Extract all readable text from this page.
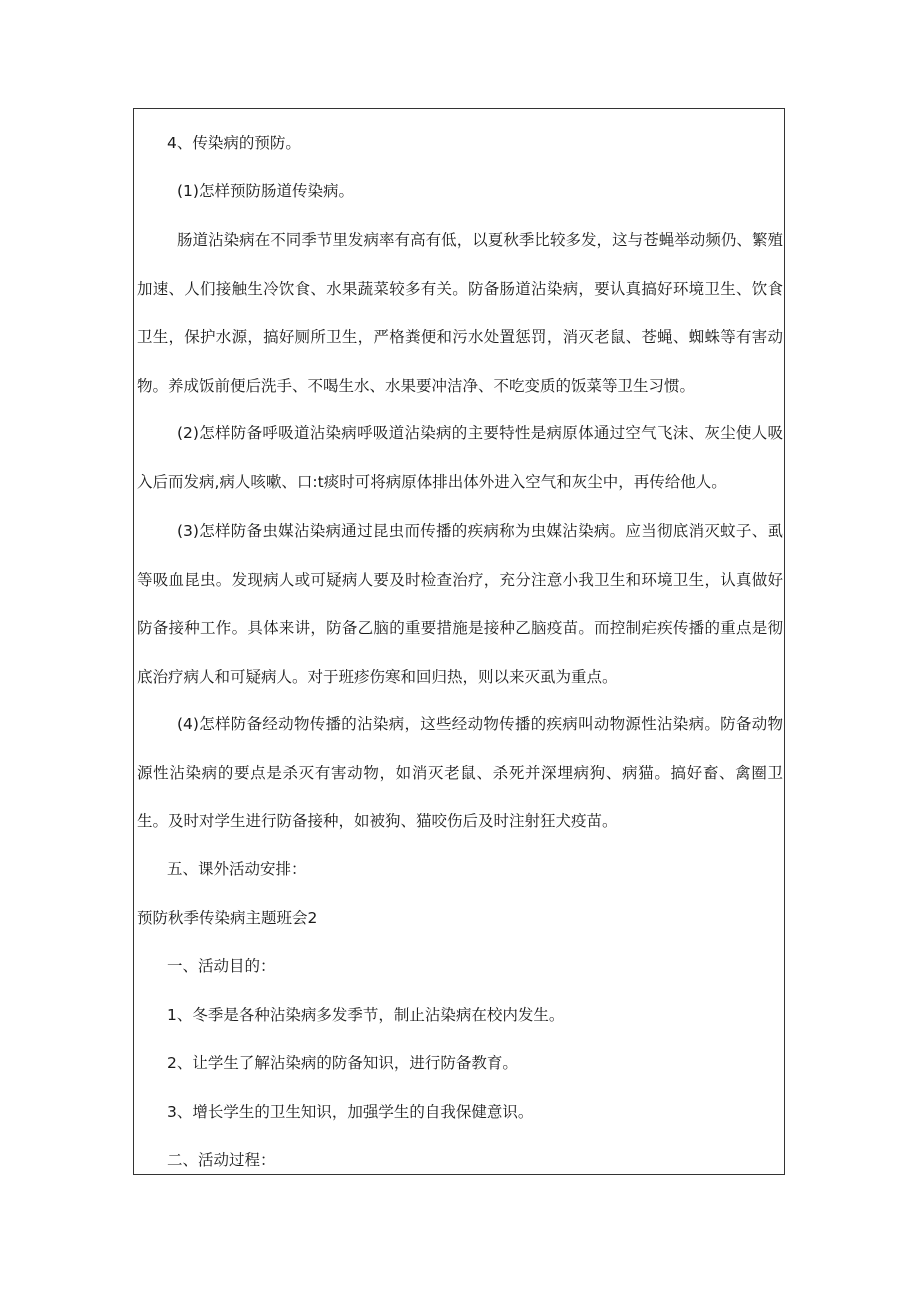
4、传染病的预防。

(1)怎样预防肠道传染病。

肠道沾染病在不同季节里发病率有高有低，以夏秋季比较多发，这与苍蝇举动频仍、繁殖加速、人们接触生冷饮食、水果蔬菜较多有关。防备肠道沾染病，要认真搞好环境卫生、饮食卫生，保护水源，搞好厕所卫生，严格粪便和污水处置惩罚，消灭老鼠、苍蝇、蜘蛛等有害动物。养成饭前便后洗手、不喝生水、水果要冲洁净、不吃变质的饭菜等卫生习惯。

(2)怎样防备呼吸道沾染病呼吸道沾染病的主要特性是病原体通过空气飞沫、灰尘使人吸入后而发病,病人咳嗽、口:t痰时可将病原体排出体外进入空气和灰尘中，再传给他人。

(3)怎样防备虫媒沾染病通过昆虫而传播的疾病称为虫媒沾染病。应当彻底消灭蚊子、虱等吸血昆虫。发现病人或可疑病人要及时检查治疗，充分注意小我卫生和环境卫生，认真做好防备接种工作。具体来讲，防备乙脑的重要措施是接种乙脑疫苗。而控制疟疾传播的重点是彻底治疗病人和可疑病人。对于班疹伤寒和回归热，则以来灭虱为重点。

(4)怎样防备经动物传播的沾染病，这些经动物传播的疾病叫动物源性沾染病。防备动物源性沾染病的要点是杀灭有害动物，如消灭老鼠、杀死并深埋病狗、病猫。搞好畜、禽圈卫生。及时对学生进行防备接种，如被狗、猫咬伤后及时注射狂犬疫苗。

五、课外活动安排：

预防秋季传染病主题班会2

一、活动目的：

1、冬季是各种沾染病多发季节，制止沾染病在校内发生。

2、让学生了解沾染病的防备知识，进行防备教育。

3、增长学生的卫生知识，加强学生的自我保健意识。

二、活动过程：
